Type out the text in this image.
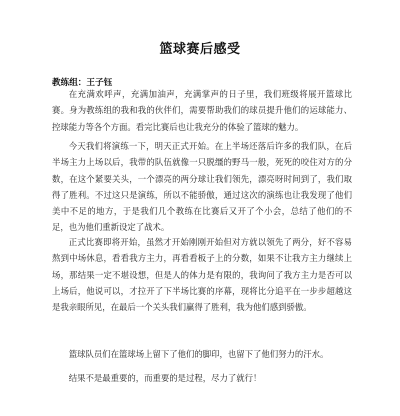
篮球赛后感受
教练组：王子钰

在充满欢呼声，充满加油声，充满掌声的日子里，我们班级将展开篮球比赛。身为教练组的我和我的伙伴们，需要帮助我们的球员提升他们的运球能力、控球能力等各个方面。看完比赛后也让我充分的体验了篮球的魅力。

今天我们将演练一下，明天正式开始。在上半场还落后许多的我们队，在后半场主力上场以后，我带的队伍就像一只脱缰的野马一般，死死的咬住对方的分数，在这个紧要关头，一个漂亮的两分球让我们领先，漂亮呀时间到了，我们取得了胜利。不过这只是演练，所以不能骄傲，通过这次的演练也让我发现了他们美中不足的地方，于是我们几个教练在比赛后又开了个小会，总结了他们的不足，也为他们重新设定了战术。

正式比赛即将开始，虽然才开始刚刚开始但对方就以领先了两分，好不容易熬到中场休息，看看我方主力，再看看板子上的分数，如果不让我方主力继续上场，那结果一定不堪设想，但是人的体力是有限的，我询问了我方主力是否可以上场后，他说可以，才拉开了下半场比赛的序幕，现将比分追平在一步步超越这是我亲眼所见，在最后一个关头我们赢得了胜利，我为他们感到骄傲。

篮球队员们在篮球场上留下了他们的脚印，也留下了他们努力的汗水。

结果不是最重要的，而重要的是过程，尽力了就行！
